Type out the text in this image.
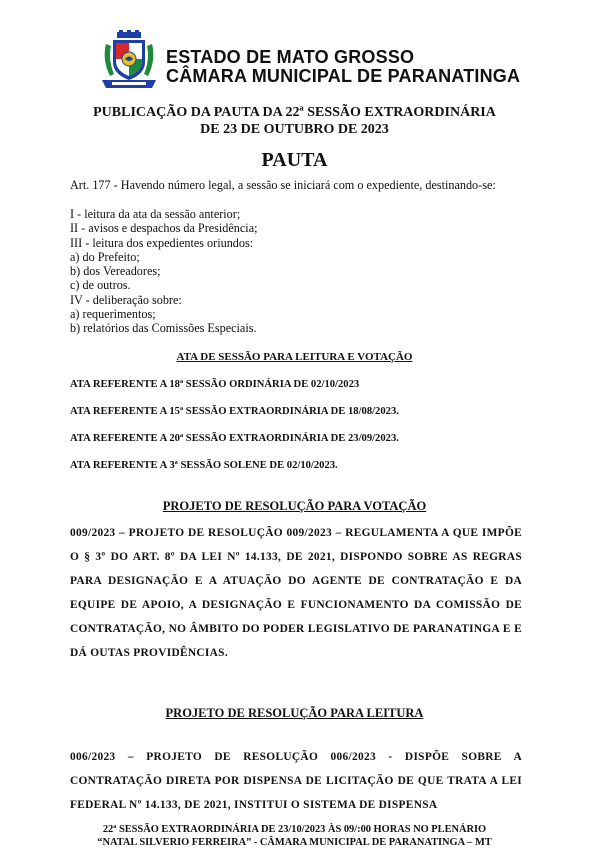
ESTADO DE MATO GROSSO
CÂMARA MUNICIPAL DE PARANATINGA
PUBLICAÇÃO DA PAUTA DA 22ª SESSÃO EXTRAORDINÁRIA
DE 23 DE OUTUBRO DE 2023
PAUTA
Art. 177 - Havendo número legal, a sessão se iniciará com o expediente, destinando-se:
I - leitura da ata da sessão anterior;
II - avisos e despachos da Presidência;
III - leitura dos expedientes oriundos:
a) do Prefeito;
b) dos Vereadores;
c) de outros.
IV - deliberação sobre:
a) requerimentos;
b) relatórios das Comissões Especiais.
ATA DE SESSÃO PARA LEITURA E VOTAÇÃO
ATA REFERENTE A 18ª SESSÃO ORDINÁRIA DE 02/10/2023
ATA REFERENTE A 15ª SESSÃO EXTRAORDINÁRIA DE 18/08/2023.
ATA REFERENTE A 20ª SESSÃO EXTRAORDINÁRIA DE 23/09/2023.
ATA REFERENTE A 3ª SESSÃO SOLENE DE 02/10/2023.
PROJETO DE RESOLUÇÃO PARA VOTAÇÃO
009/2023 – PROJETO DE RESOLUÇÃO 009/2023 – REGULAMENTA A QUE IMPÕE O § 3º DO ART. 8º DA LEI Nº 14.133, DE 2021, DISPONDO SOBRE AS REGRAS PARA DESIGNAÇÃO E A ATUAÇÃO DO AGENTE DE CONTRATAÇÃO E DA EQUIPE DE APOIO, A DESIGNAÇÃO E FUNCIONAMENTO DA COMISSÃO DE CONTRATAÇÃO, NO ÂMBITO DO PODER LEGISLATIVO DE PARANATINGA E E DÁ OUTAS PROVIDÊNCIAS.
PROJETO DE RESOLUÇÃO PARA LEITURA
006/2023 – PROJETO DE RESOLUÇÃO 006/2023 - DISPÕE SOBRE A CONTRATAÇÃO DIRETA POR DISPENSA DE LICITAÇÃO DE QUE TRATA A LEI FEDERAL Nº 14.133, DE 2021, INSTITUI O SISTEMA DE DISPENSA
22ª SESSÃO EXTRAORDINÁRIA DE 23/10/2023 ÀS 09/:00 HORAS NO PLENÁRIO
“NATAL SILVERIO FERREIRA” - CÂMARA MUNICIPAL DE PARANATINGA – MT
